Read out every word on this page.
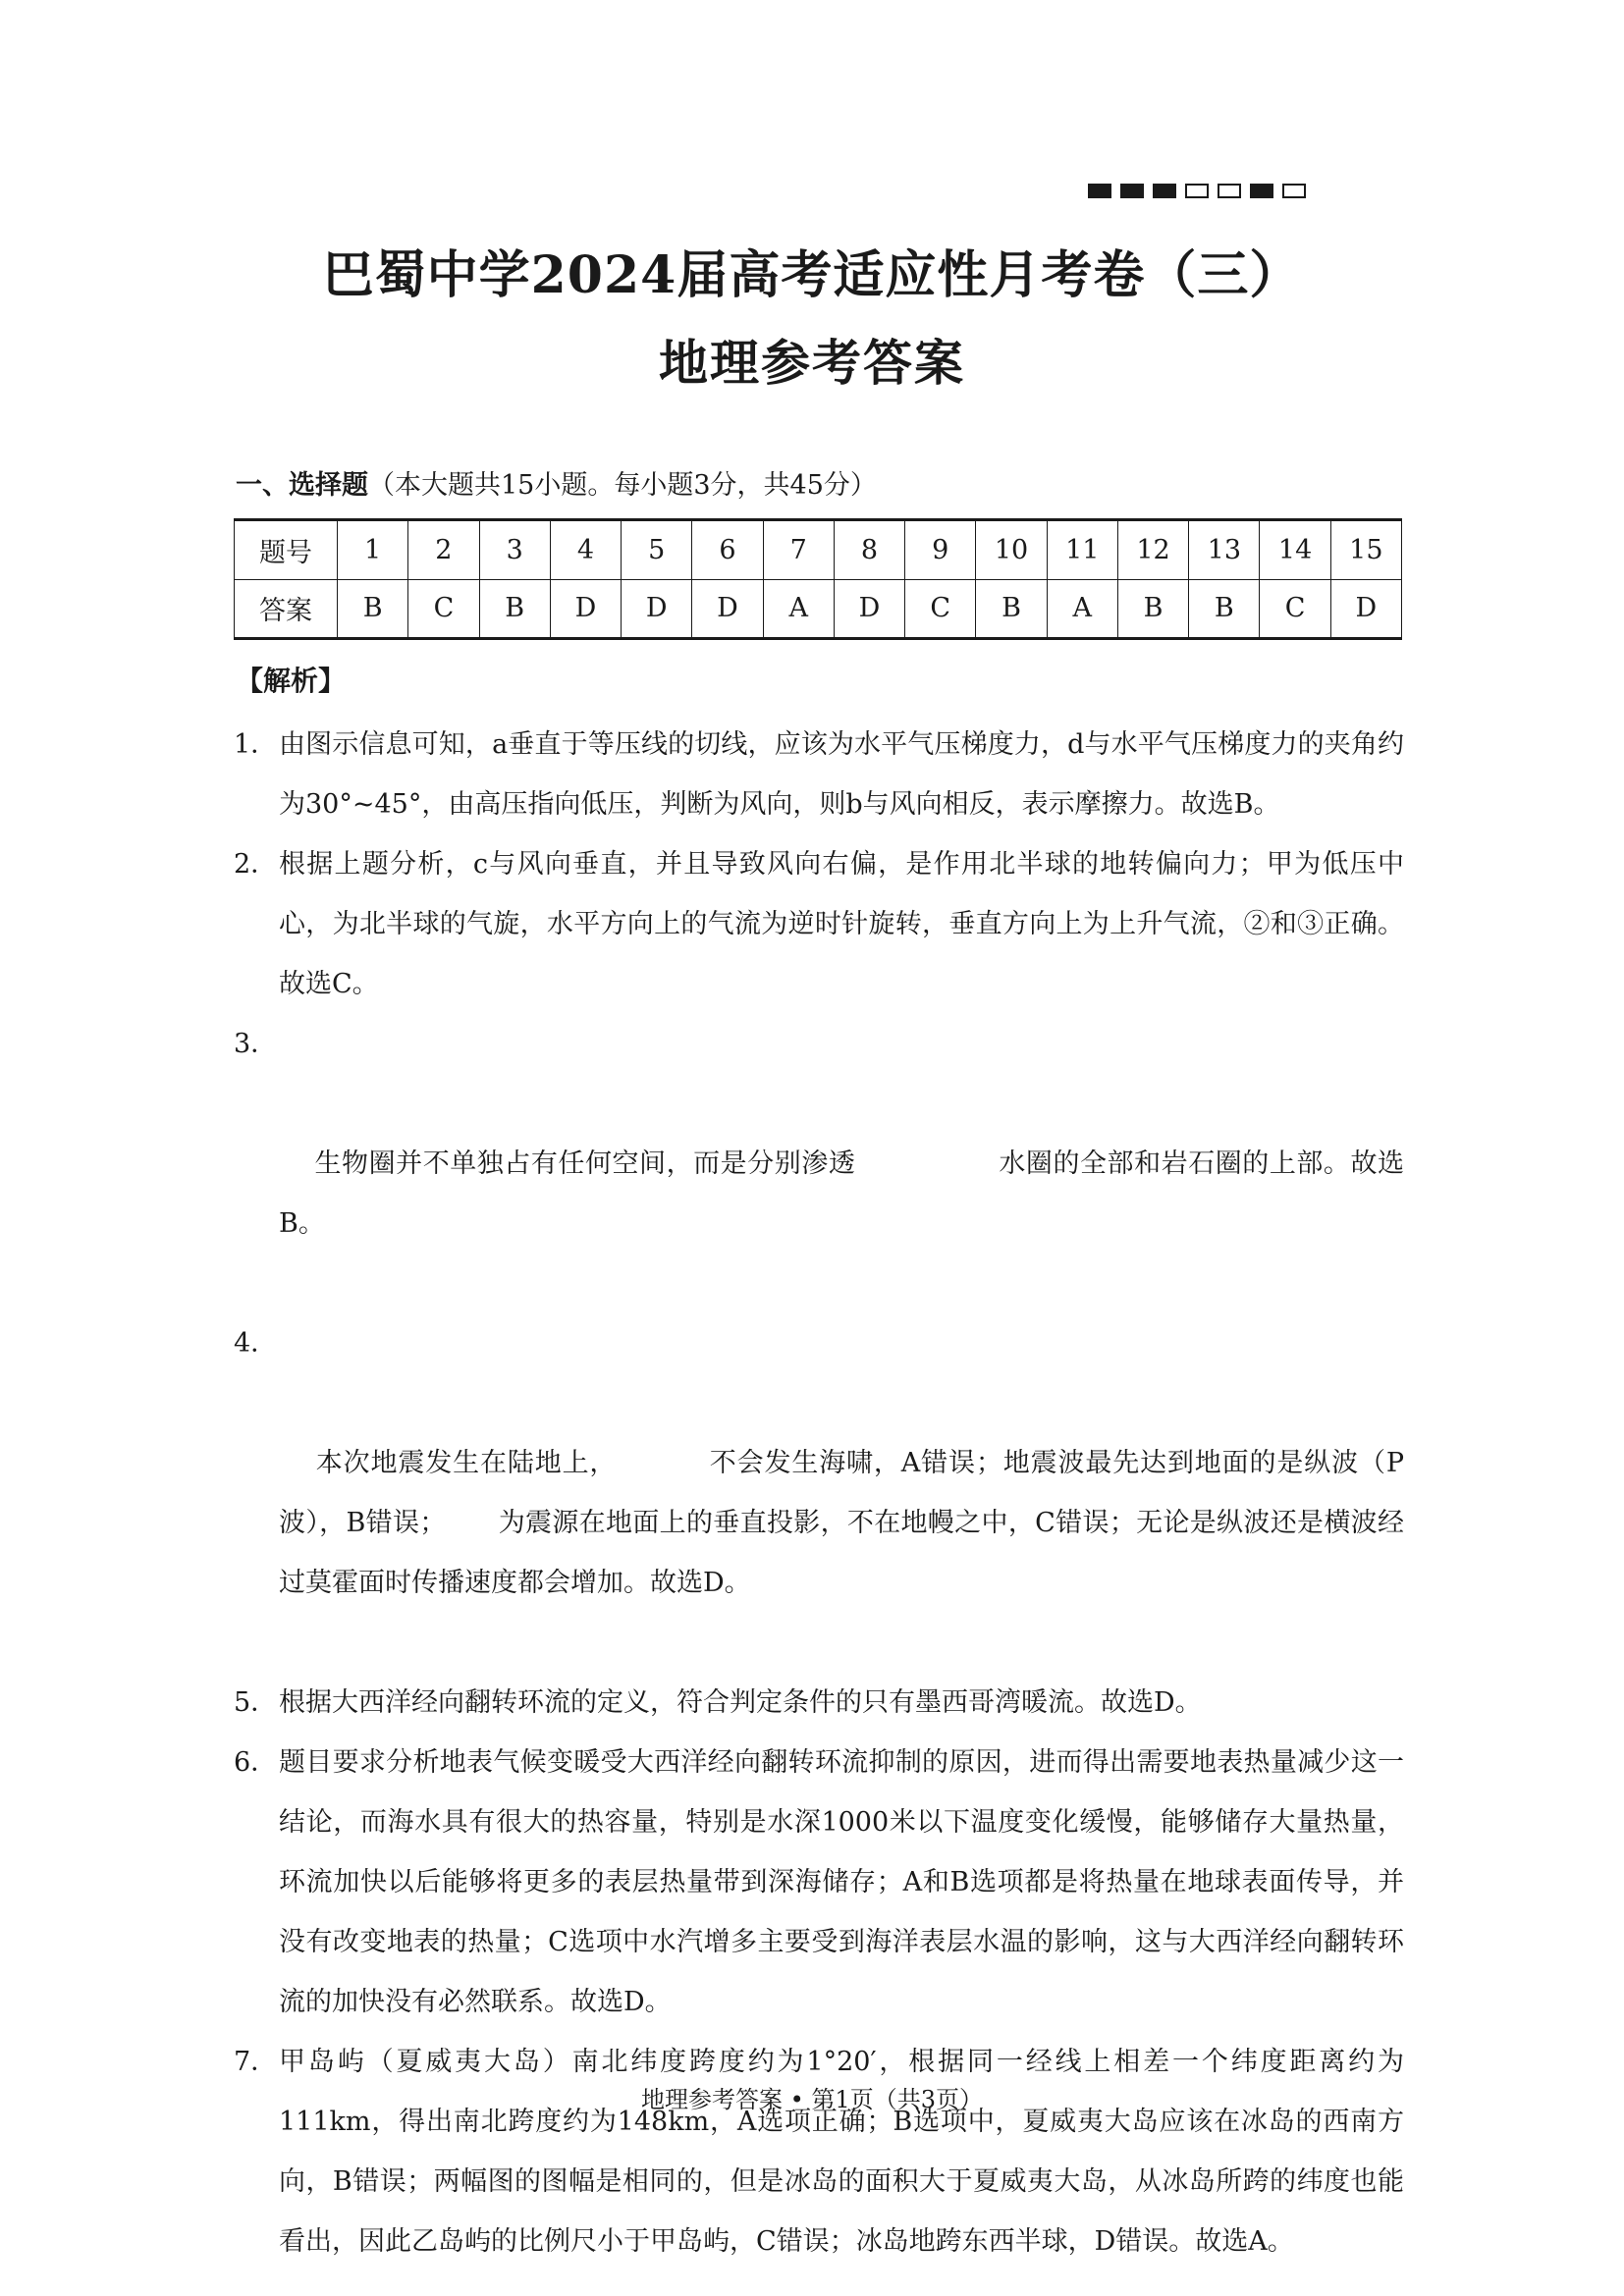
巴蜀中学2024届高考适应性月考卷（三）
地理参考答案
一、选择题（本大题共15小题。每小题3分，共45分）
题号	1	2	3	4	5	6	7	8	9	10	11	12	13	14	15
答案	B	C	B	D	D	D	A	D	C	B	A	B	B	C	D
【解析】
1． 由图示信息可知，a垂直于等压线的切线，应该为水平气压梯度力，d与水平气压梯度力的夹角约为30°~45°，由高压指向低压，判断为风向，则b与风向相反，表示摩擦力。故选B。
2． 根据上题分析，c与风向垂直，并且导致风向右偏，是作用北半球的地转偏向力；甲为低压中心，为北半球的气旋，水平方向上的气流为逆时针旋转，垂直方向上为上升气流，②和③正确。故选C。

3．

生物圈并不单独占有任何空间，而是分别渗透                水圈的全部和岩石圈的上部。故选B。

4．

本次地震发生在陆地上，          不会发生海啸，A错误；地震波最先达到地面的是纵波（P波），B错误；      为震源在地面上的垂直投影，不在地幔之中，C错误；无论是纵波还是横波经过莫霍面时传播速度都会增加。故选D。

5． 根据大西洋经向翻转环流的定义，符合判定条件的只有墨西哥湾暖流。故选D。
6． 题目要求分析地表气候变暖受大西洋经向翻转环流抑制的原因，进而得出需要地表热量减少这一结论，而海水具有很大的热容量，特别是水深1000米以下温度变化缓慢，能够储存大量热量，环流加快以后能够将更多的表层热量带到深海储存；A和B选项都是将热量在地球表面传导，并没有改变地表的热量；C选项中水汽增多主要受到海洋表层水温的影响，这与大西洋经向翻转环流的加快没有必然联系。故选D。
7． 甲岛屿（夏威夷大岛）南北纬度跨度约为1°20′，根据同一经线上相差一个纬度距离约为111km，得出南北跨度约为148km，A选项正确；B选项中，夏威夷大岛应该在冰岛的西南方向，B错误；两幅图的图幅是相同的，但是冰岛的面积大于夏威夷大岛，从冰岛所跨的纬度也能看出，因此乙岛屿的比例尺小于甲岛屿，C错误；冰岛地跨东西半球，D错误。故选A。
地理参考答案 • 第1页（共3页）
